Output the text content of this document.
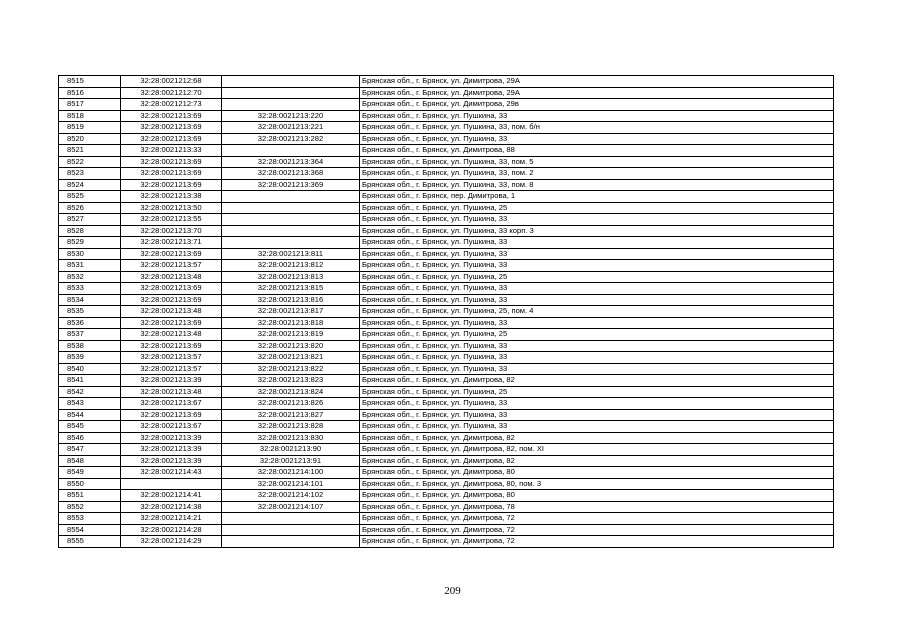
8515	32:28:0021212:68		Брянская обл., г. Брянск, ул. Димитрова, 29А
8516	32:28:0021212:70		Брянская обл., г. Брянск, ул. Димитрова, 29А
8517	32:28:0021212:73		Брянская обл., г. Брянск, ул. Димитрова, 29в
8518	32:28:0021213:69	32:28:0021213:220	Брянская обл., г. Брянск, ул. Пушкина, 33
8519	32:28:0021213:69	32:28:0021213:221	Брянская обл., г. Брянск, ул. Пушкина, 33, пом. б/н
8520	32:28:0021213:69	32:28:0021213:282	Брянская обл., г. Брянск, ул. Пушкина, 33
8521	32:28:0021213:33		Брянская обл., г. Брянск, ул. Димитрова, 88
8522	32:28:0021213:69	32:28:0021213:364	Брянская обл., г. Брянск, ул. Пушкина, 33, пом. 5
8523	32:28:0021213:69	32:28:0021213:368	Брянская обл., г. Брянск, ул. Пушкина, 33, пом. 2
8524	32:28:0021213:69	32:28:0021213:369	Брянская обл., г. Брянск, ул. Пушкина, 33, пом. 8
8525	32:28:0021213:38		Брянская обл., г. Брянск, пер. Димитрова, 1
8526	32:28:0021213:50		Брянская обл., г. Брянск, ул. Пушкина, 25
8527	32:28:0021213:55		Брянская обл., г. Брянск, ул. Пушкина, 33
8528	32:28:0021213:70		Брянская обл., г. Брянск, ул. Пушкина, 33 корп. 3
8529	32:28:0021213:71		Брянская обл., г. Брянск, ул. Пушкина, 33
8530	32:28:0021213:69	32:28:0021213:811	Брянская обл., г. Брянск, ул. Пушкина, 33
8531	32:28:0021213:57	32:28:0021213:812	Брянская обл., г. Брянск, ул. Пушкина, 33
8532	32:28:0021213:48	32:28:0021213:813	Брянская обл., г. Брянск, ул. Пушкина, 25
8533	32:28:0021213:69	32:28:0021213:815	Брянская обл., г. Брянск, ул. Пушкина, 33
8534	32:28:0021213:69	32:28:0021213:816	Брянская обл., г. Брянск, ул. Пушкина, 33
8535	32:28:0021213:48	32:28:0021213:817	Брянская обл., г. Брянск, ул. Пушкина, 25, пом. 4
8536	32:28:0021213:69	32:28:0021213:818	Брянская обл., г. Брянск, ул. Пушкина, 33
8537	32:28:0021213:48	32:28:0021213:819	Брянская обл., г. Брянск, ул. Пушкина, 25
8538	32:28:0021213:69	32:28:0021213:820	Брянская обл., г. Брянск, ул. Пушкина, 33
8539	32:28:0021213:57	32:28:0021213:821	Брянская обл., г. Брянск, ул. Пушкина, 33
8540	32:28:0021213:57	32:28:0021213:822	Брянская обл., г. Брянск, ул. Пушкина, 33
8541	32:28:0021213:39	32:28:0021213:823	Брянская обл., г. Брянск, ул. Димитрова, 82
8542	32:28:0021213:48	32:28:0021213:824	Брянская обл., г. Брянск, ул. Пушкина, 25
8543	32:28:0021213:67	32:28:0021213:826	Брянская обл., г. Брянск, ул. Пушкина, 33
8544	32:28:0021213:69	32:28:0021213:827	Брянская обл., г. Брянск, ул. Пушкина, 33
8545	32:28:0021213:67	32:28:0021213:828	Брянская обл., г. Брянск, ул. Пушкина, 33
8546	32:28:0021213:39	32:28:0021213:830	Брянская обл., г. Брянск, ул. Димитрова, 82
8547	32:28:0021213:39	32:28:0021213:90	Брянская обл., г. Брянск, ул. Димитрова, 82, пом. XI
8548	32:28:0021213:39	32:28:0021213:91	Брянская обл., г. Брянск, ул. Димитрова, 82
8549	32:28:0021214:43	32:28:0021214:100	Брянская обл., г. Брянск, ул. Димитрова, 80
8550		32:28:0021214:101	Брянская обл., г. Брянск, ул. Димитрова, 80, пом. 3
8551	32:28:0021214:41	32:28:0021214:102	Брянская обл., г. Брянск, ул. Димитрова, 80
8552	32:28:0021214:38	32:28:0021214:107	Брянская обл., г. Брянск, ул. Димитрова, 78
8553	32:28:0021214:21		Брянская обл., г. Брянск, ул. Димитрова, 72
8554	32:28:0021214:28		Брянская обл., г. Брянск, ул. Димитрова, 72
8555	32:28:0021214:29		Брянская обл., г. Брянск, ул. Димитрова, 72
209
